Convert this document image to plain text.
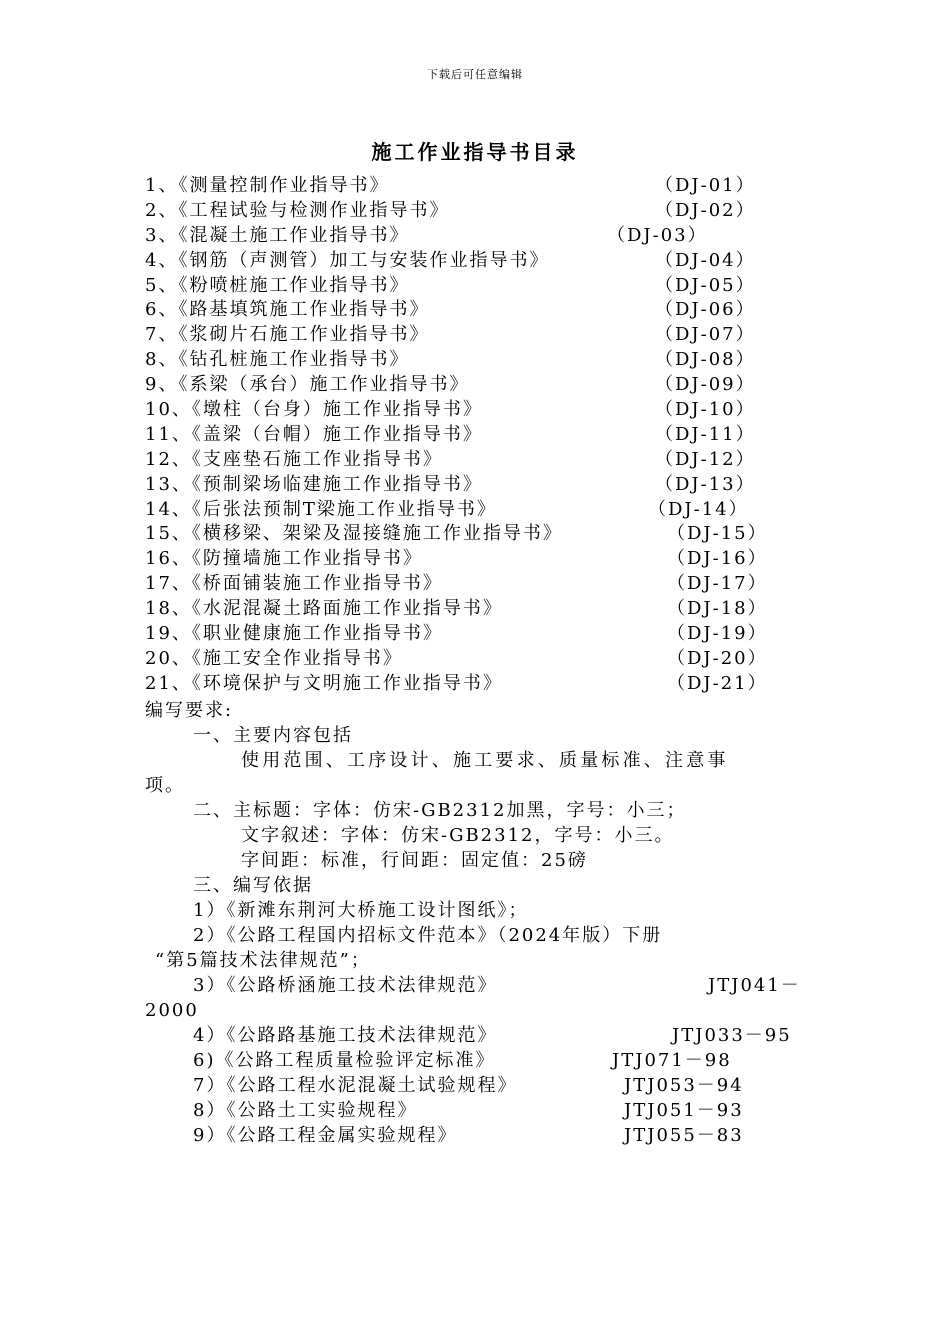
下载后可任意编辑
施工作业指导书目录
1、《测量控制作业指导书》	（DJ-01）
2、《工程试验与检测作业指导书》	（DJ-02）
3、《混凝土施工作业指导书》	（DJ-03）
4、《钢筋（声测管）加工与安装作业指导书》	（DJ-04）
5、《粉喷桩施工作业指导书》	（DJ-05）
6、《路基填筑施工作业指导书》	（DJ-06）
7、《浆砌片石施工作业指导书》	（DJ-07）
8、《钻孔桩施工作业指导书》	（DJ-08）
9、《系梁（承台）施工作业指导书》	（DJ-09）
10、《墩柱（台身）施工作业指导书》	（DJ-10）
11、《盖梁（台帽）施工作业指导书》	（DJ-11）
12、《支座垫石施工作业指导书》	（DJ-12）
13、《预制梁场临建施工作业指导书》	（DJ-13）
14、《后张法预制T梁施工作业指导书》	（DJ-14）
15、《横移梁、架梁及湿接缝施工作业指导书》	（DJ-15）
16、《防撞墙施工作业指导书》	（DJ-16）
17、《桥面铺装施工作业指导书》	（DJ-17）
18、《水泥混凝土路面施工作业指导书》	（DJ-18）
19、《职业健康施工作业指导书》	（DJ-19）
20、《施工安全作业指导书》	（DJ-20）
21、《环境保护与文明施工作业指导书》	（DJ-21）
编写要求:
一、主要内容包括
使用范围、工序设计、施工要求、质量标准、注意事
项。
二、主标题：字体：仿宋-GB2312加黑，字号：小三；
文字叙述：字体：仿宋-GB2312，字号：小三。
字间距：标准，行间距：固定值：25磅
三、编写依据
1）《新滩东荆河大桥施工设计图纸》；
2）《公路工程国内招标文件范本》（2024年版）下册
“第5篇技术法律规范”；
3）《公路桥涵施工技术法律规范》	JTJ041－
2000
4）《公路路基施工技术法律规范》	JTJ033－95
6)《公路工程质量检验评定标准》	JTJ071－98
7）《公路工程水泥混凝土试验规程》	JTJ053－94
8）《公路土工实验规程》	JTJ051－93
9）《公路工程金属实验规程》	JTJ055－83
